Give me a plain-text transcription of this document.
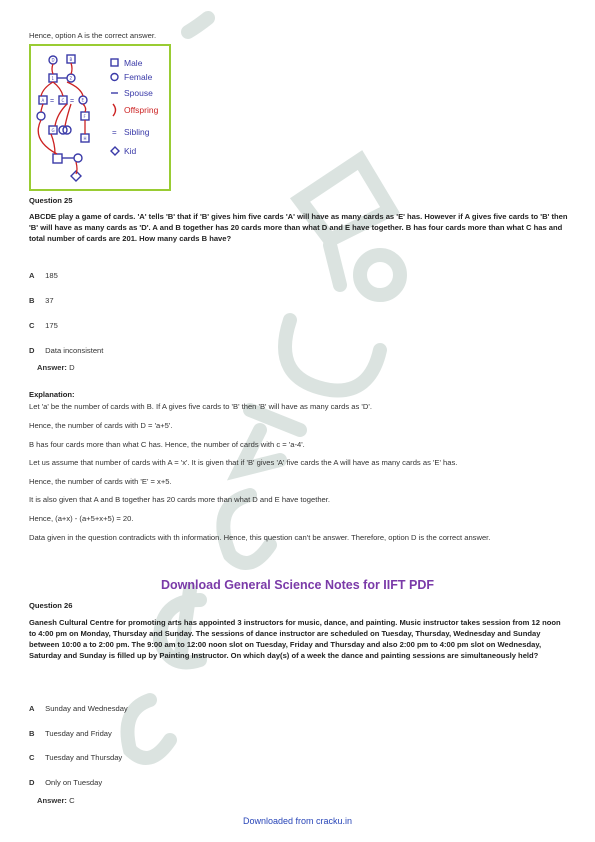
Hence, option A is the correct answer.

= =
D	B
1	2
A	C	E
F
G
H
=
Male
Female
Spouse
Offspring
Sibling
Kid

Question 25

ABCDE play a game of cards. 'A' tells 'B' that if 'B' gives him five cards 'A' will have as many cards as 'E' has. However if A gives five cards to 'B' then 'B' will have as many cards as 'D'. A and B together has 20 cards more than what D and E have together. B has four cards more than what C has and total number of cards are 201. How many cards B have?

A 185
B 37
C 175
D Data inconsistent
Answer: D

Explanation:

Let 'a' be the number of cards with B. If A gives five cards to 'B' then 'B' will have as many cards as 'D'.

Hence, the number of cards with D = 'a+5'.

B has four cards more than what C has. Hence, the number of cards with c = 'a-4'.

Let us assume that number of cards with A = 'x'. It is given that if 'B' gives 'A' five cards the A will have as many cards as 'E' has.

Hence, the number of cards with 'E' = x+5.

It is also given that A and B together has 20 cards more than what D and E have together.

Hence, (a+x) - (a+5+x+5) = 20.

Data given in the question contradicts with th information. Hence, this question can't be answer. Therefore, option D is the correct answer.

Download General Science Notes for IIFT PDF

Question 26

Ganesh Cultural Centre for promoting arts has appointed 3 instructors for music, dance, and painting. Music instructor takes session from 12 noon to 4:00 pm on Monday, Thursday and Sunday. The sessions of dance instructor are scheduled on Tuesday, Thursday, Wednesday and Sunday between 10:00 a to 2:00 pm. The 9:00 am to 12:00 noon slot on Tuesday, Friday and Thursday and also 2:00 pm to 4:00 pm slot on Wednesday, Saturday and Sunday is filled up by Painting Instructor. On which day(s) of a week the dance and painting sessions are simultaneously held?

A Sunday and Wednesday
B Tuesday and Friday
C Tuesday and Thursday
D Only on Tuesday
Answer: C
Downloaded from cracku.in
